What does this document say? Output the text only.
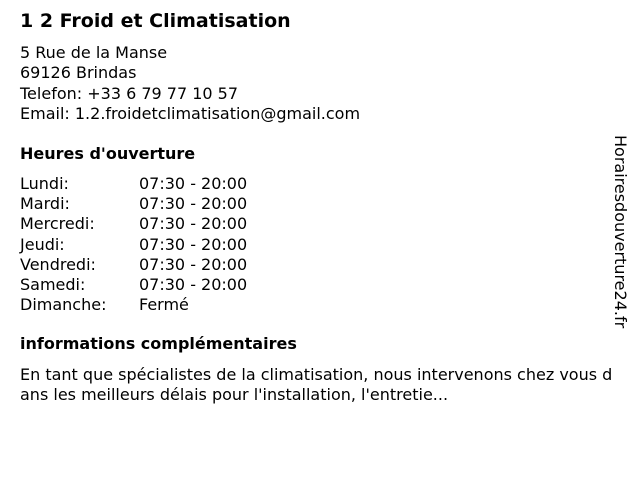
1 2 Froid et Climatisation
5 Rue de la Manse
69126 Brindas
Telefon: +33 6 79 77 10 57
Email: 1.2.froidetclimatisation@gmail.com
Heures d'ouverture
Lundi:	07:30 - 20:00
Mardi:	07:30 - 20:00
Mercredi:	07:30 - 20:00
Jeudi:	07:30 - 20:00
Vendredi:	07:30 - 20:00
Samedi:	07:30 - 20:00
Dimanche: Fermé
informations complémentaires

En tant que spécialistes de la climatisation, nous intervenons chez vous dans les meilleurs délais pour l'installation, l'entretie...

Horairesdouverture24.fr
